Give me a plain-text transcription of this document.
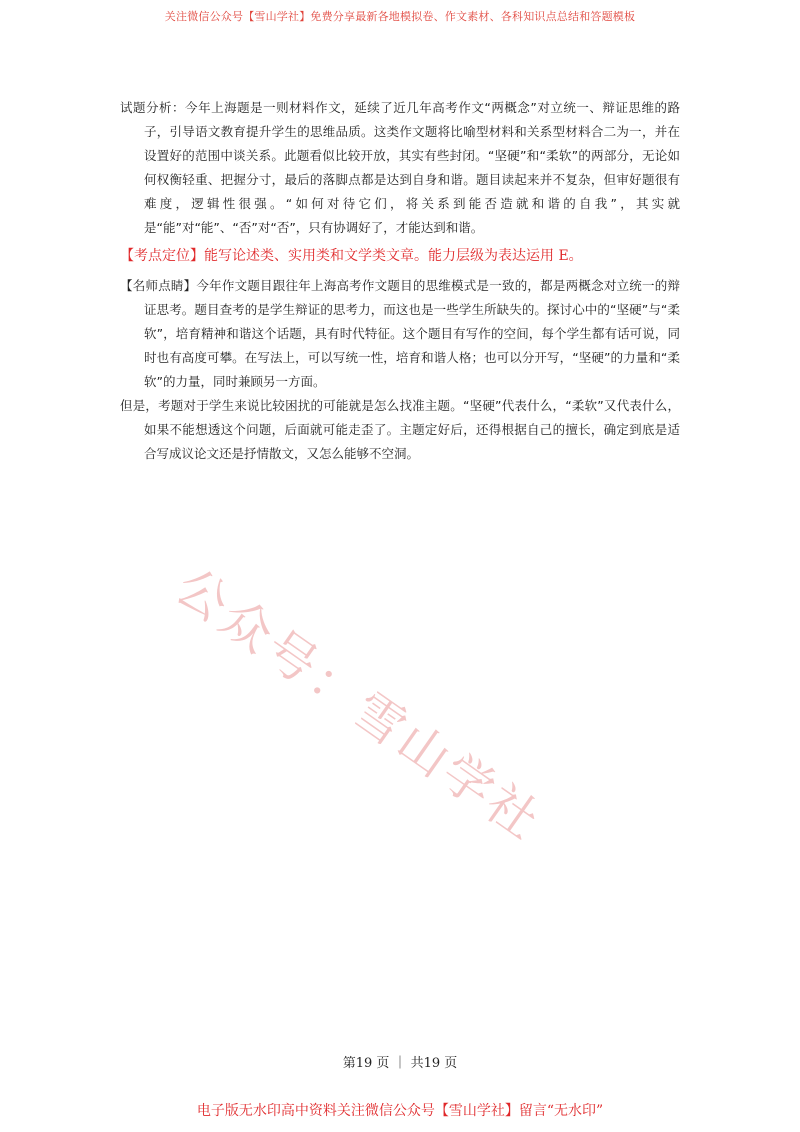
关注微信公众号【雪山学社】免费分享最新各地模拟卷、作文素材、各科知识点总结和答题模板
公众号：雪山学社

试题分析：今年上海题是一则材料作文，延续了近几年高考作文“两概念”对立统一、辩证思维的路子，引导语文教育提升学生的思维品质。这类作文题将比喻型材料和关系型材料合二为一，并在设置好的范围中谈关系。此题看似比较开放，其实有些封闭。“坚硬”和“柔软”的两部分，无论如何权衡轻重、把握分寸，最后的落脚点都是达到自身和谐。题目读起来并不复杂，但审好题很有难度，逻辑性很强。“如何对待它们，将关系到能否造就和谐的自我”，其实就是“能”对“能”、“否”对“否”，只有协调好了，才能达到和谐。

【考点定位】能写论述类、实用类和文学类文章。能力层级为表达运用 E。

【名师点睛】今年作文题目跟往年上海高考作文题目的思维模式是一致的，都是两概念对立统一的辩证思考。题目查考的是学生辩证的思考力，而这也是一些学生所缺失的。探讨心中的“坚硬”与“柔软”，培育精神和谐这个话题，具有时代特征。这个题目有写作的空间，每个学生都有话可说，同时也有高度可攀。在写法上，可以写统一性，培育和谐人格；也可以分开写，“坚硬”的力量和“柔软”的力量，同时兼顾另一方面。

但是，考题对于学生来说比较困扰的可能就是怎么找准主题。“坚硬”代表什么，“柔软”又代表什么，如果不能想透这个问题，后面就可能走歪了。主题定好后，还得根据自己的擅长，确定到底是适合写成议论文还是抒情散文，又怎么能够不空洞。

第19 页 ｜ 共19 页
电子版无水印高中资料关注微信公众号【雪山学社】留言“无水印”
